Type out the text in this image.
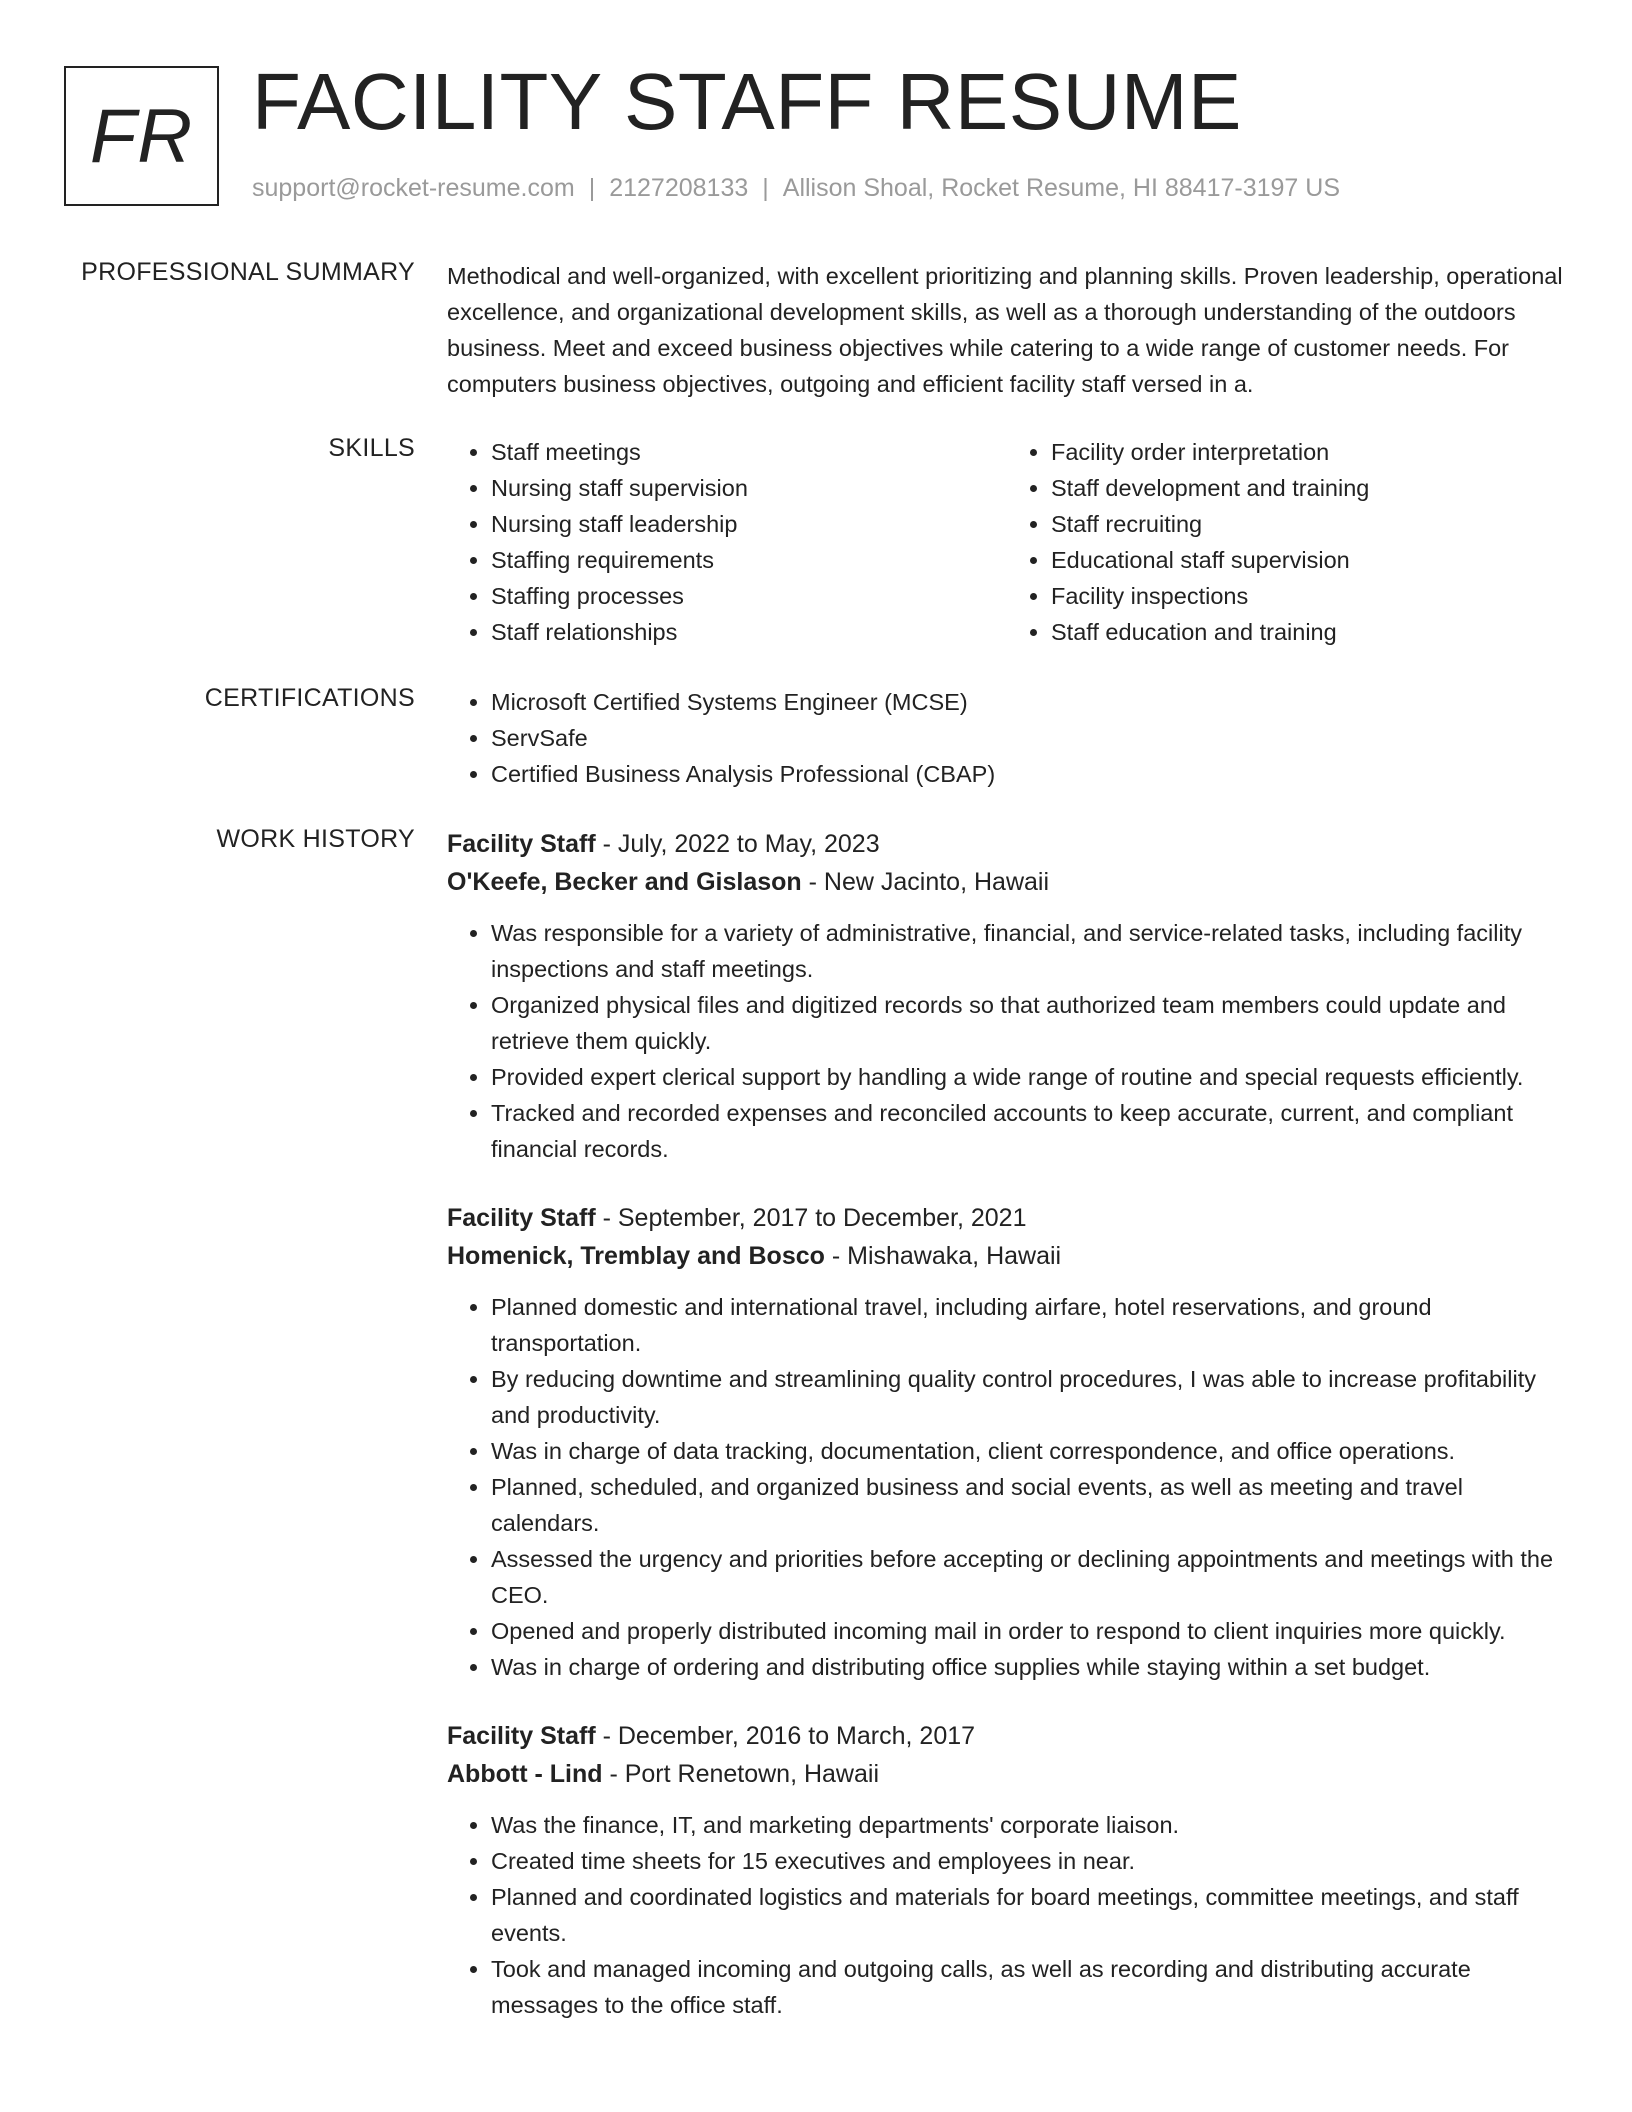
FR FACILITY STAFF RESUME
support@rocket-resume.com | 2127208133 | Allison Shoal, Rocket Resume, HI 88417-3197 US
PROFESSIONAL SUMMARY Methodical and well-organized, with excellent prioritizing and planning skills. Proven leadership, operational excellence, and organizational development skills, as well as a thorough understanding of the outdoors business. Meet and exceed business objectives while catering to a wide range of customer needs. For computers business objectives, outgoing and efficient facility staff versed in a.
SKILLS	• Staff meetings
• Nursing staff supervision
• Nursing staff leadership
• Staffing requirements
• Staffing processes
• Staff relationships
• Facility order interpretation
• Staff development and training
• Staff recruiting
• Educational staff supervision
• Facility inspections
• Staff education and training
CERTIFICATIONS	• Microsoft Certified Systems Engineer (MCSE)
• ServSafe
• Certified Business Analysis Professional (CBAP)
WORK HISTORY Facility Staff - July, 2022 to May, 2023
O'Keefe, Becker and Gislason - New Jacinto, Hawaii
• Was responsible for a variety of administrative, financial, and service-related tasks, including facility inspections and staff meetings.
• Organized physical files and digitized records so that authorized team members could update and retrieve them quickly.
• Provided expert clerical support by handling a wide range of routine and special requests efficiently.
• Tracked and recorded expenses and reconciled accounts to keep accurate, current, and compliant financial records.
Facility Staff - September, 2017 to December, 2021
Homenick, Tremblay and Bosco - Mishawaka, Hawaii
• Planned domestic and international travel, including airfare, hotel reservations, and ground transportation.
• By reducing downtime and streamlining quality control procedures, I was able to increase profitability and productivity.
• Was in charge of data tracking, documentation, client correspondence, and office operations.
• Planned, scheduled, and organized business and social events, as well as meeting and travel calendars.
• Assessed the urgency and priorities before accepting or declining appointments and meetings with the CEO.
• Opened and properly distributed incoming mail in order to respond to client inquiries more quickly.
• Was in charge of ordering and distributing office supplies while staying within a set budget.
Facility Staff - December, 2016 to March, 2017
Abbott - Lind - Port Renetown, Hawaii
• Was the finance, IT, and marketing departments' corporate liaison.
• Created time sheets for 15 executives and employees in near.
• Planned and coordinated logistics and materials for board meetings, committee meetings, and staff events.
• Took and managed incoming and outgoing calls, as well as recording and distributing accurate messages to the office staff.
